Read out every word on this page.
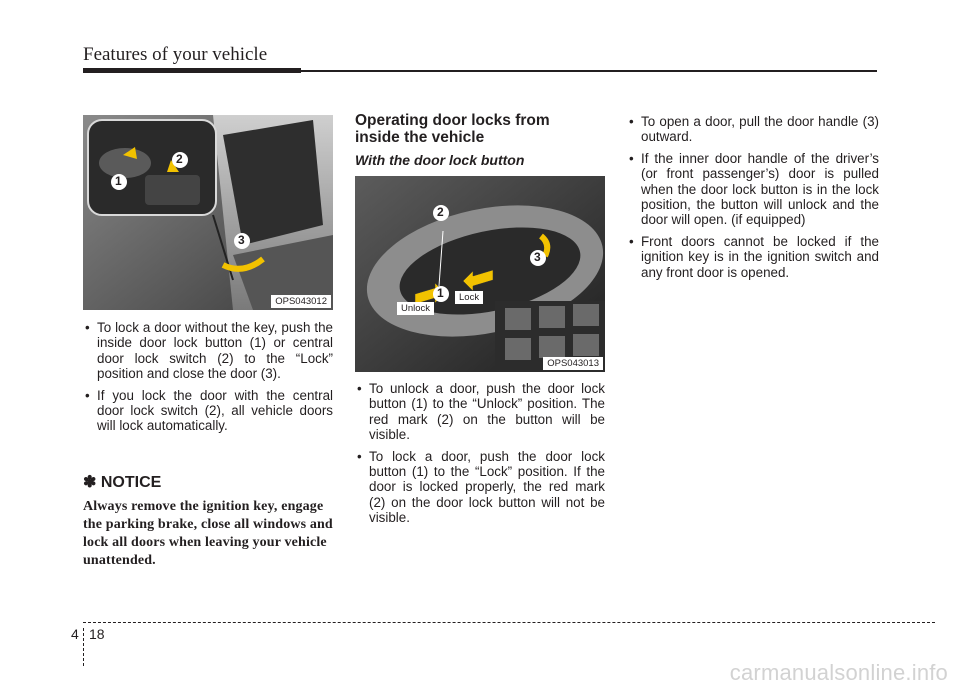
Features of your vehicle
1
2
3
OPS043012
• To lock a door without the key, push the inside door lock button (1) or central door lock switch (2) to the “Lock” position and close the door (3).
• If you lock the door with the central door lock switch (2), all vehicle doors will lock automatically.

✽ NOTICE

Always remove the ignition key, engage the parking brake, close all windows and lock all doors when leaving your vehicle unattended.

Operating door locks from inside the vehicle

With the door lock button

2
1
3
Unlock
Lock
OPS043013
• To unlock a door, push the door lock button (1) to the “Unlock” position. The red mark (2) on the button will be visible.
• To lock a door, push the door lock button (1) to the “Lock” position. If the door is locked properly, the red mark (2) on the door lock button will not be visible.
• To open a door, pull the door handle (3) outward.
• If the inner door handle of the driver’s (or front passenger’s) door is pulled when the door lock button is in the lock position, the button will unlock and the door will open. (if equipped)
• Front doors cannot be locked if the ignition key is in the ignition switch and any front door is opened.
4 18
carmanualsonline.info
